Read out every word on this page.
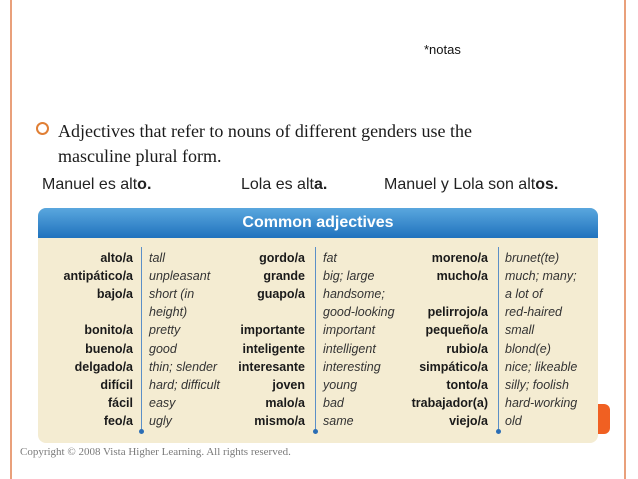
*notas
Adjectives that refer to nouns of different genders use the masculine plural form.
Manuel es alto.	Lola es alta.	Manuel y Lola son altos.
Common adjectives
alto/a tall
antipático/a unpleasant
bajo/a short (in
height)
bonito/a pretty
bueno/a good
delgado/a thin; slender
difícil hard; difficult
fácil easy
feo/a ugly
gordo/a fat
grande big; large
guapo/a handsome;
good-looking
importante important
inteligente intelligent
interesante interesting
joven young
malo/a bad
mismo/a same
moreno/a brunet(te)
mucho/a much; many;
a lot of
pelirrojo/a red-haired
pequeño/a small
rubio/a blond(e)
simpático/a nice; likeable
tonto/a silly; foolish
trabajador(a) hard-working
viejo/a old
Copyright © 2008 Vista Higher Learning. All rights reserved.
